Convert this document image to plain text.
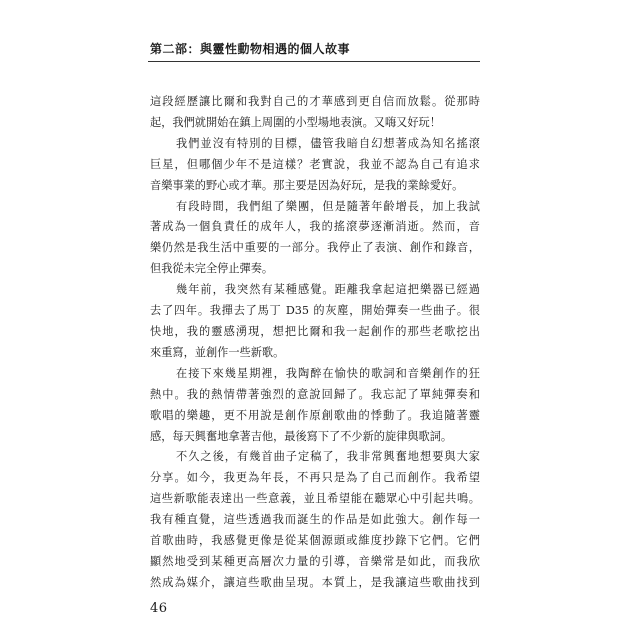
第二部：與靈性動物相遇的個人故事
這段經歷讓比爾和我對自己的才華感到更自信而放鬆。從那時
起，我們就開始在鎮上周圍的小型場地表演。又嗨又好玩！
我們並沒有特別的目標，儘管我暗自幻想著成為知名搖滾
巨星，但哪個少年不是這樣？老實說，我並不認為自己有追求
音樂事業的野心或才華。那主要是因為好玩，是我的業餘愛好。
有段時間，我們組了樂團，但是隨著年齡增長，加上我試
著成為一個負責任的成年人，我的搖滾夢逐漸消逝。然而，音
樂仍然是我生活中重要的一部分。我停止了表演、創作和錄音，
但我從未完全停止彈奏。
幾年前，我突然有某種感覺。距離我拿起這把樂器已經過
去了四年。我撣去了馬丁 D35 的灰塵，開始彈奏一些曲子。很
快地，我的靈感湧現，想把比爾和我一起創作的那些老歌挖出
來重寫，並創作一些新歌。
在接下來幾星期裡，我陶醉在愉快的歌詞和音樂創作的狂
熱中。我的熱情帶著強烈的意說回歸了。我忘記了單純彈奏和
歌唱的樂趣，更不用說是創作原創歌曲的悸動了。我追隨著靈
感，每天興奮地拿著吉他，最後寫下了不少新的旋律與歌詞。
不久之後，有幾首曲子定稿了，我非常興奮地想要與大家
分享。如今，我更為年長，不再只是為了自己而創作。我希望
這些新歌能表達出一些意義，並且希望能在聽眾心中引起共鳴。
我有種直覺，這些透過我而誕生的作品是如此強大。創作每一
首歌曲時，我感覺更像是從某個源頭或維度抄錄下它們。它們
顯然地受到某種更高層次力量的引導，音樂常是如此，而我欣
然成為媒介，讓這些歌曲呈現。本質上，是我讓這些歌曲找到
46
